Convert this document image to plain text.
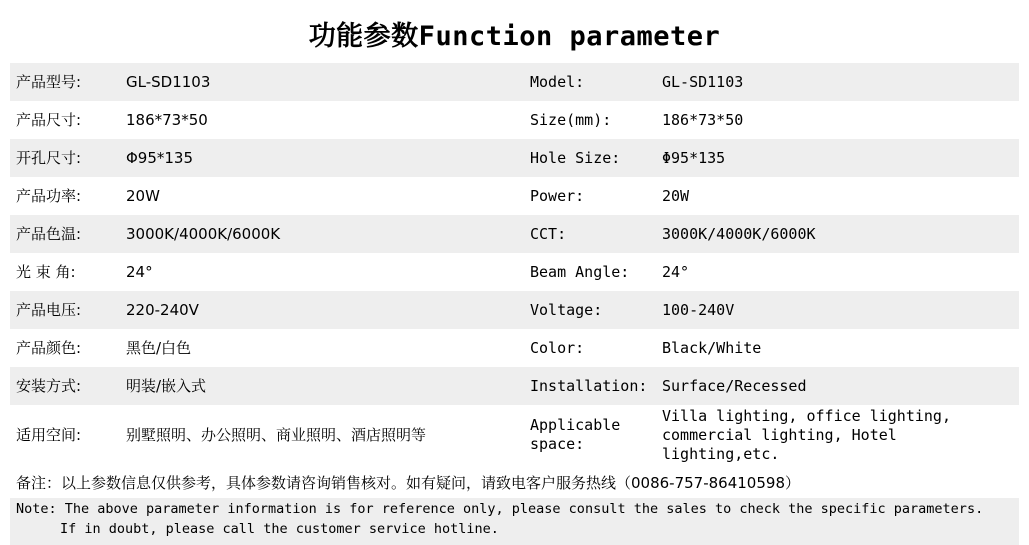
功能参数Function parameter
产品型号:	GL-SD1103	Model:	GL-SD1103
产品尺寸:	186*73*50	Size(mm):	186*73*50
开孔尺寸:	Φ95*135	Hole Size:	Φ95*135
产品功率:	20W	Power:	20W
产品色温:	3000K/4000K/6000K	CCT:	3000K/4000K/6000K
光 束 角:	24°	Beam Angle:	24°
产品电压:	220-240V	Voltage:	100-240V
产品颜色:	黑色/白色	Color:	Black/White
安装方式:	明装/嵌入式	Installation:	Surface/Recessed
适用空间:	别墅照明、办公照明、商业照明、酒店照明等	Applicable space:	Villa lighting, office lighting, commercial lighting, Hotel lighting,etc.
备注：以上参数信息仅供参考，具体参数请咨询销售核对。如有疑问，请致电客户服务热线（0086-757-86410598）
Note: The above parameter information is for reference only, please consult the sales to check the specific parameters.
If in doubt, please call the customer service hotline.
